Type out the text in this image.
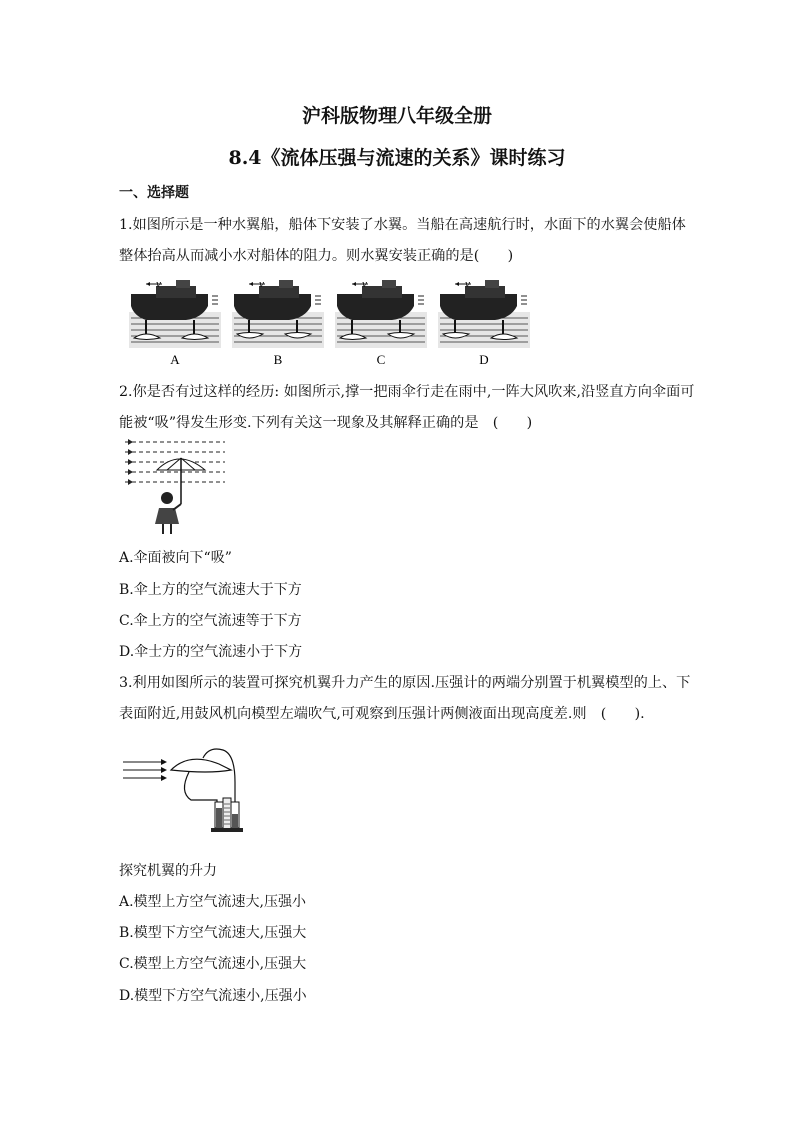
沪科版物理八年级全册
8.4《流体压强与流速的关系》课时练习
一、选择题
1.如图所示是一种水翼船，船体下安装了水翼。当船在高速航行时，水面下的水翼会使船体整体抬高从而减小水对船体的阻力。则水翼安装正确的是(　　)
v	v	v	v
A	B	C	D
2.你是否有过这样的经历: 如图所示,撑一把雨伞行走在雨中,一阵大风吹来,沿竖直方向伞面可能被“吸”得发生形变.下列有关这一现象及其解释正确的是　(　　)
A.伞面被向下“吸”
B.伞上方的空气流速大于下方
C.伞上方的空气流速等于下方
D.伞士方的空气流速小于下方
3.利用如图所示的装置可探究机翼升力产生的原因.压强计的两端分别置于机翼模型的上、下表面附近,用鼓风机向模型左端吹气,可观察到压强计两侧液面出现高度差.则　(　　).
探究机翼的升力
A.模型上方空气流速大,压强小
B.模型下方空气流速大,压强大
C.模型上方空气流速小,压强大
D.模型下方空气流速小,压强小
